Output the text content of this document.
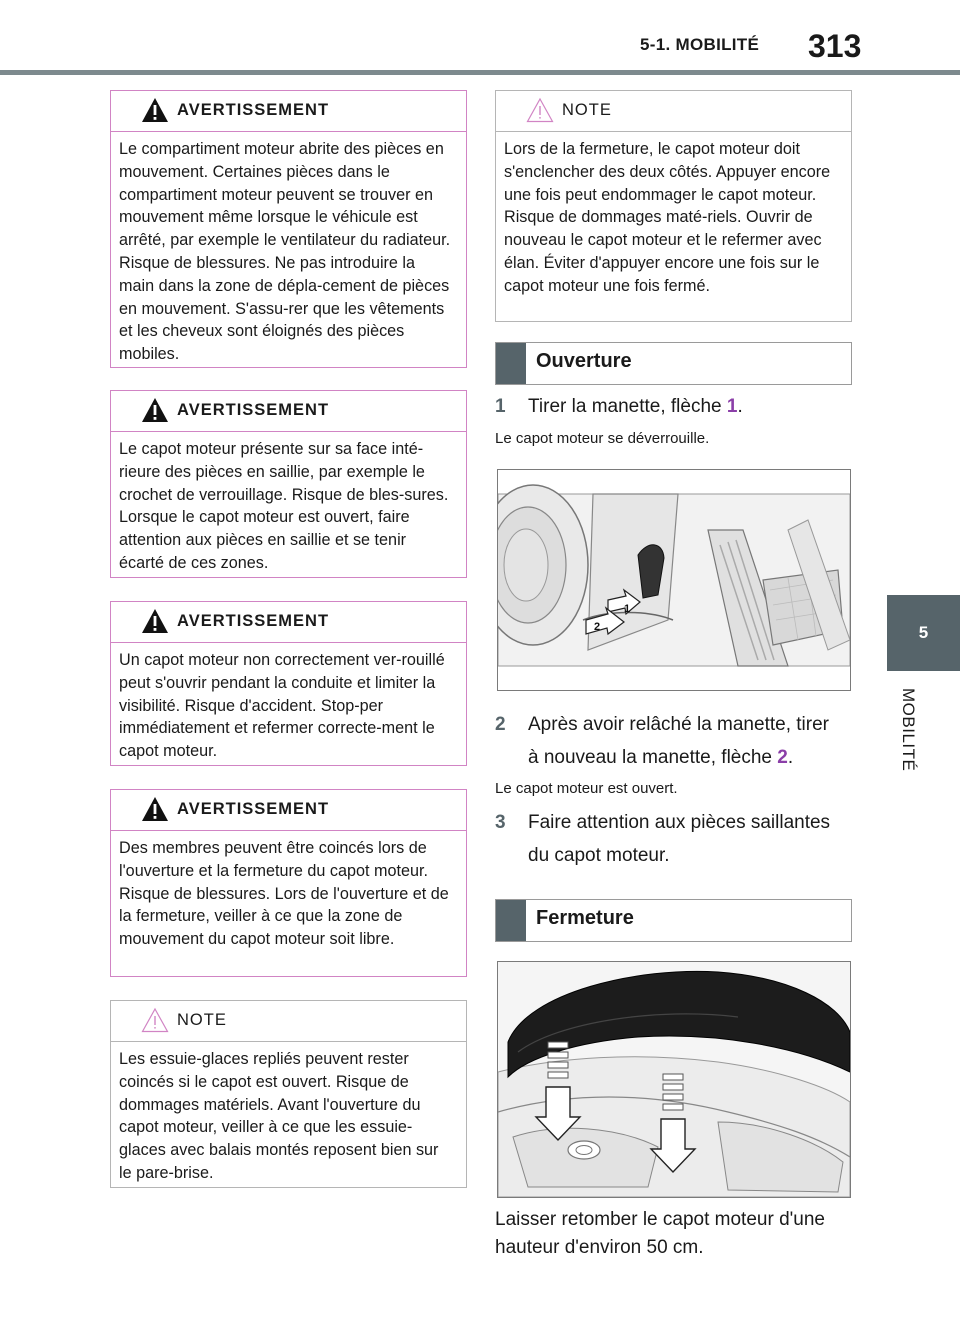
5-1. MOBILITÉ 313
5
MOBILITÉ
AVERTISSEMENT
Le compartiment moteur abrite des pièces en mouvement. Certaines pièces dans le compartiment moteur peuvent se trouver en mouvement même lorsque le véhicule est arrêté, par exemple le ventilateur du radiateur. Risque de blessures. Ne pas introduire la main dans la zone de dépla-cement de pièces en mouvement. S'assu-rer que les vêtements et les cheveux sont éloignés des pièces mobiles.
AVERTISSEMENT
Le capot moteur présente sur sa face inté-rieure des pièces en saillie, par exemple le crochet de verrouillage. Risque de bles-sures. Lorsque le capot moteur est ouvert, faire attention aux pièces en saillie et se tenir écarté de ces zones.
AVERTISSEMENT
Un capot moteur non correctement ver-rouillé peut s'ouvrir pendant la conduite et limiter la visibilité. Risque d'accident. Stop-per immédiatement et refermer correcte-ment le capot moteur.
AVERTISSEMENT
Des membres peuvent être coincés lors de l'ouverture et la fermeture du capot moteur. Risque de blessures. Lors de l'ouverture et de la fermeture, veiller à ce que la zone de mouvement du capot moteur soit libre.
NOTE
Les essuie-glaces repliés peuvent rester coincés si le capot est ouvert. Risque de dommages matériels. Avant l'ouverture du capot moteur, veiller à ce que les essuie-glaces avec balais montés reposent bien sur le pare-brise.
NOTE
Lors de la fermeture, le capot moteur doit s'enclencher des deux côtés. Appuyer encore une fois peut endommager le capot moteur. Risque de dommages maté-riels. Ouvrir de nouveau le capot moteur et le refermer avec élan. Éviter d'appuyer encore une fois sur le capot moteur une fois fermé.
Ouverture
1 Tirer la manette, flèche 1.
Le capot moteur se déverrouille.
1
2
2 Après avoir relâché la manette, tirer
à nouveau la manette, flèche 2.
Le capot moteur est ouvert.
3 Faire attention aux pièces saillantes
du capot moteur.
Fermeture
Laisser retomber le capot moteur d'une
hauteur d'environ 50 cm.
